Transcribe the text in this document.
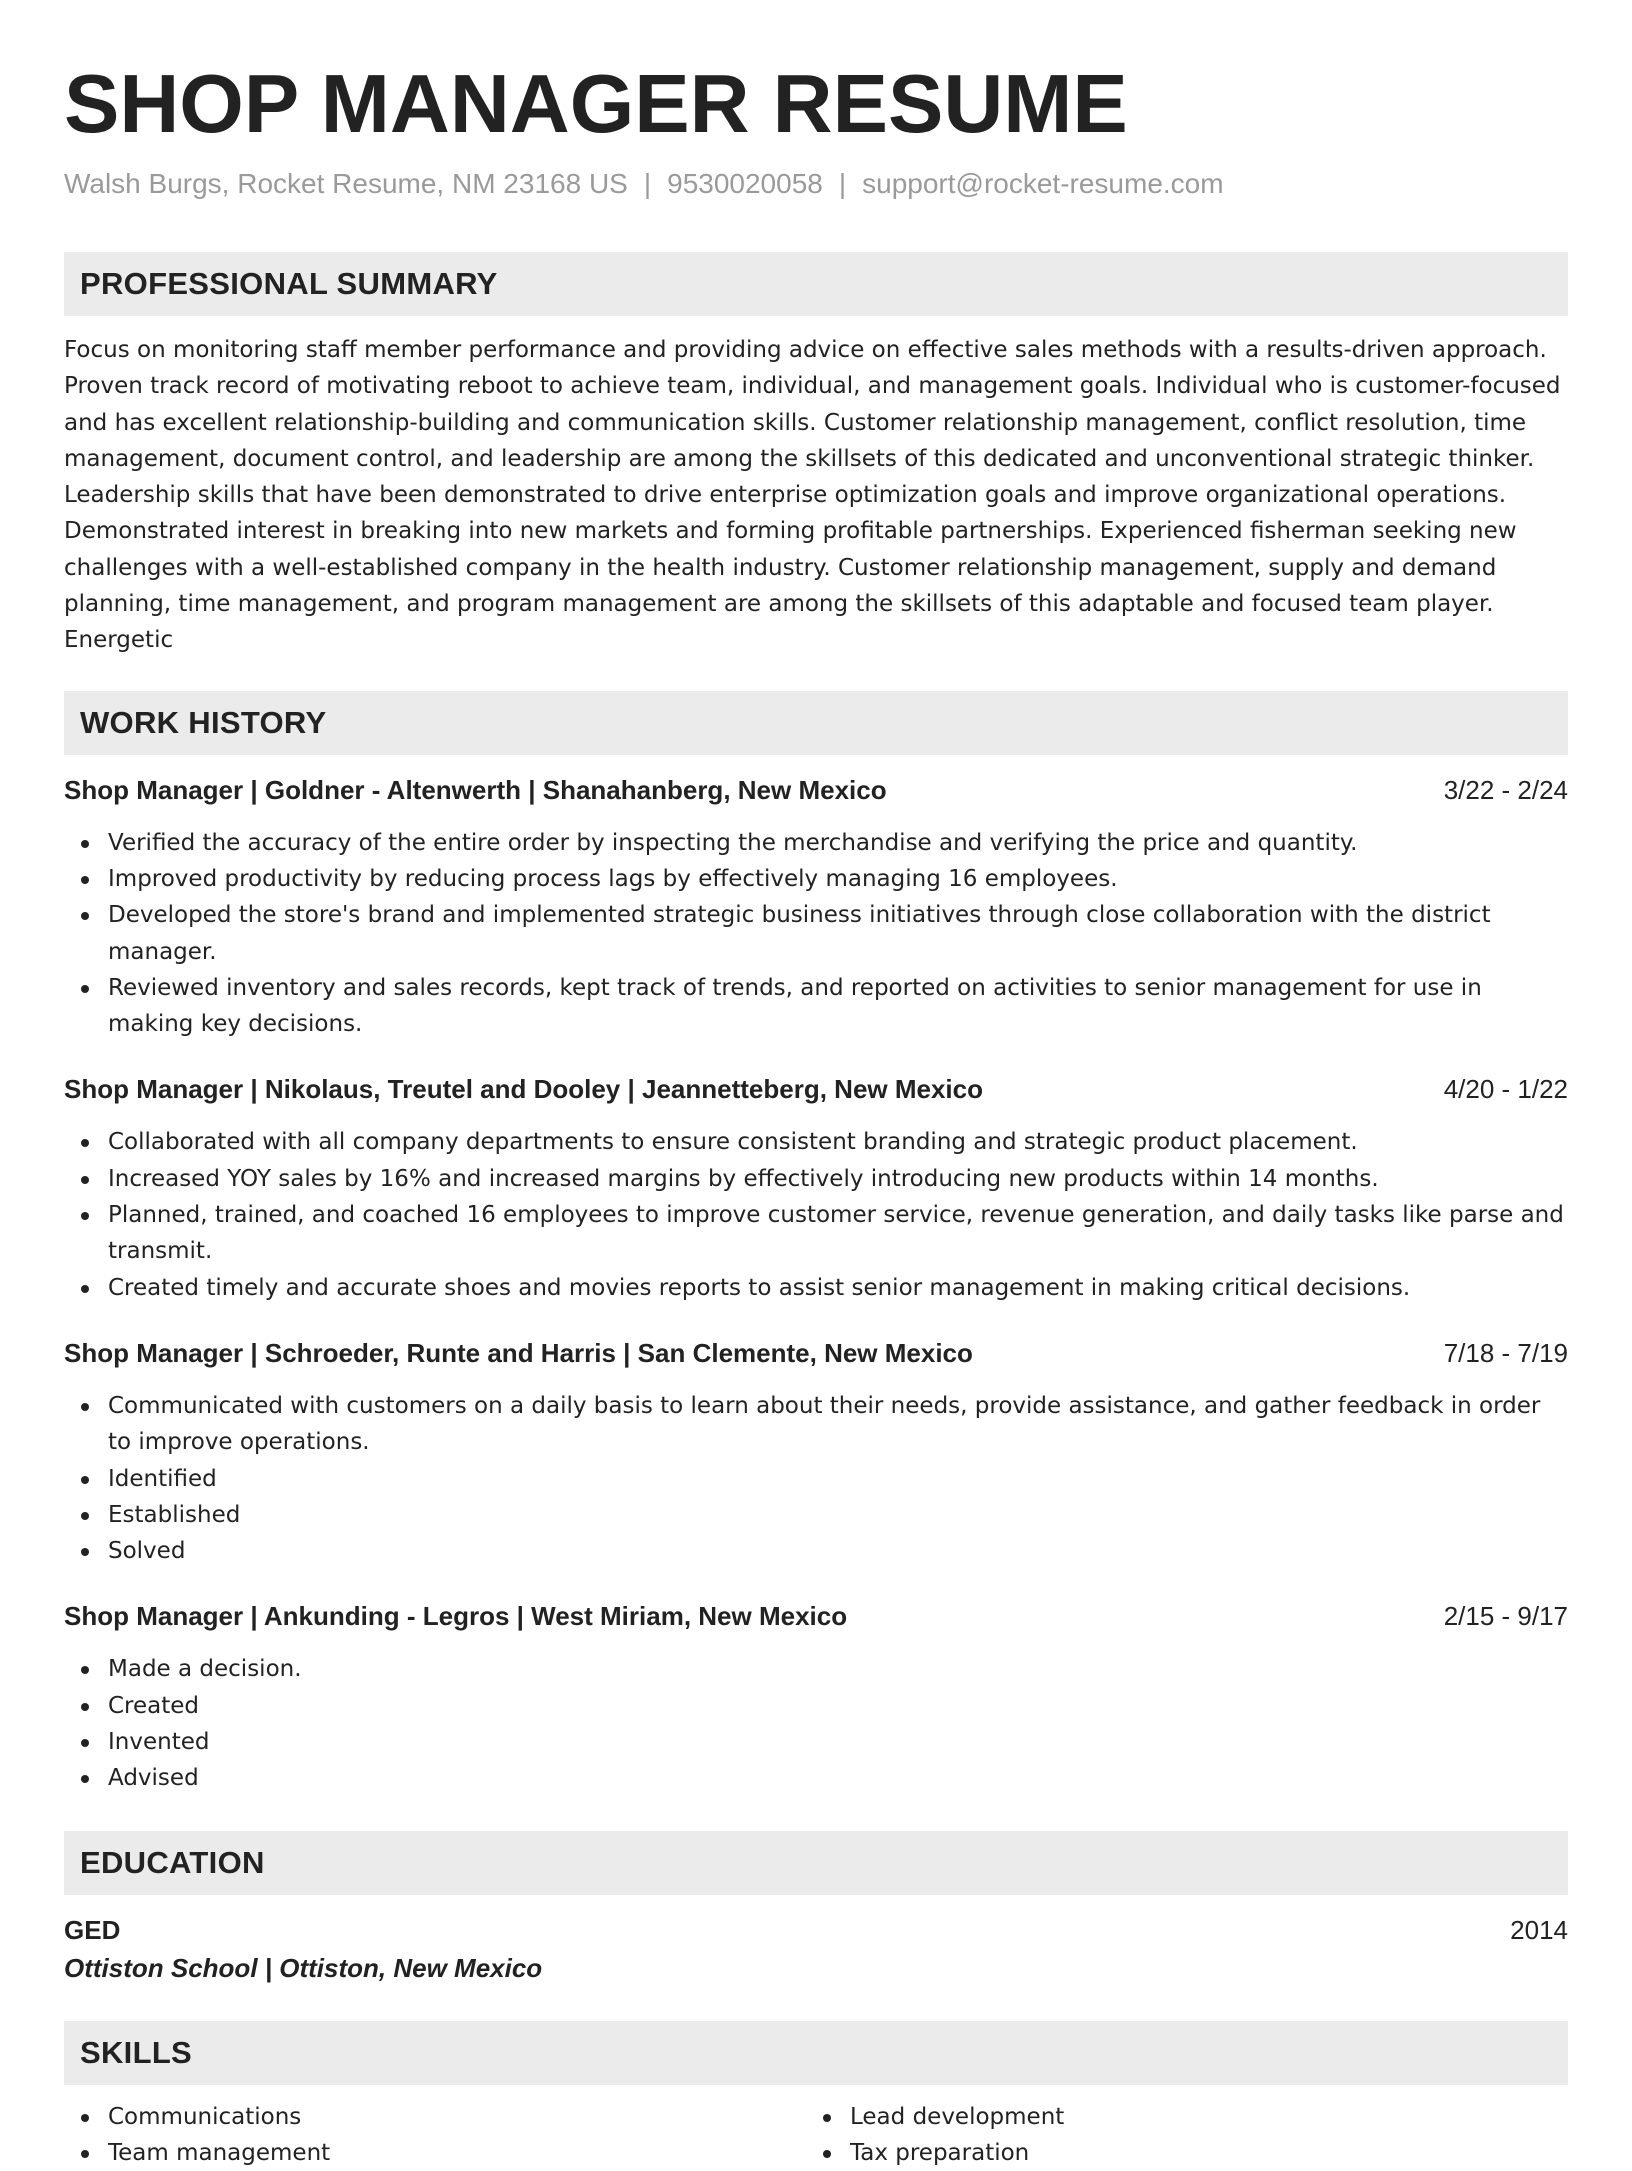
SHOP MANAGER RESUME
Walsh Burgs, Rocket Resume, NM 23168 US | 9530020058 | support@rocket-resume.com
PROFESSIONAL SUMMARY

Focus on monitoring staff member performance and providing advice on effective sales methods with a results-driven approach. Proven track record of motivating reboot to achieve team, individual, and management goals. Individual who is customer-focused and has excellent relationship-building and communication skills. Customer relationship management, conflict resolution, time management, document control, and leadership are among the skillsets of this dedicated and unconventional strategic thinker. Leadership skills that have been demonstrated to drive enterprise optimization goals and improve organizational operations. Demonstrated interest in breaking into new markets and forming profitable partnerships. Experienced fisherman seeking new challenges with a well-established company in the health industry. Customer relationship management, supply and demand planning, time management, and program management are among the skillsets of this adaptable and focused team player. Energetic

WORK HISTORY
Shop Manager | Goldner - Altenwerth | Shanahanberg, New Mexico	3/22 - 2/24
Verified the accuracy of the entire order by inspecting the merchandise and verifying the price and quantity.
Improved productivity by reducing process lags by effectively managing 16 employees.
Developed the store's brand and implemented strategic business initiatives through close collaboration with the district manager.
Reviewed inventory and sales records, kept track of trends, and reported on activities to senior management for use in making key decisions.
Shop Manager | Nikolaus, Treutel and Dooley | Jeannetteberg, New Mexico	4/20 - 1/22
Collaborated with all company departments to ensure consistent branding and strategic product placement.
Increased YOY sales by 16% and increased margins by effectively introducing new products within 14 months.
Planned, trained, and coached 16 employees to improve customer service, revenue generation, and daily tasks like parse and transmit.
Created timely and accurate shoes and movies reports to assist senior management in making critical decisions.
Shop Manager | Schroeder, Runte and Harris | San Clemente, New Mexico	7/18 - 7/19
Communicated with customers on a daily basis to learn about their needs, provide assistance, and gather feedback in order to improve operations.
Identified
Established
Solved
Shop Manager | Ankunding - Legros | West Miriam, New Mexico	2/15 - 9/17
Made a decision.
Created
Invented
Advised
EDUCATION
GED	2014
Ottiston School | Ottiston, New Mexico
SKILLS
Communications
Team management
Lead development
Tax preparation
